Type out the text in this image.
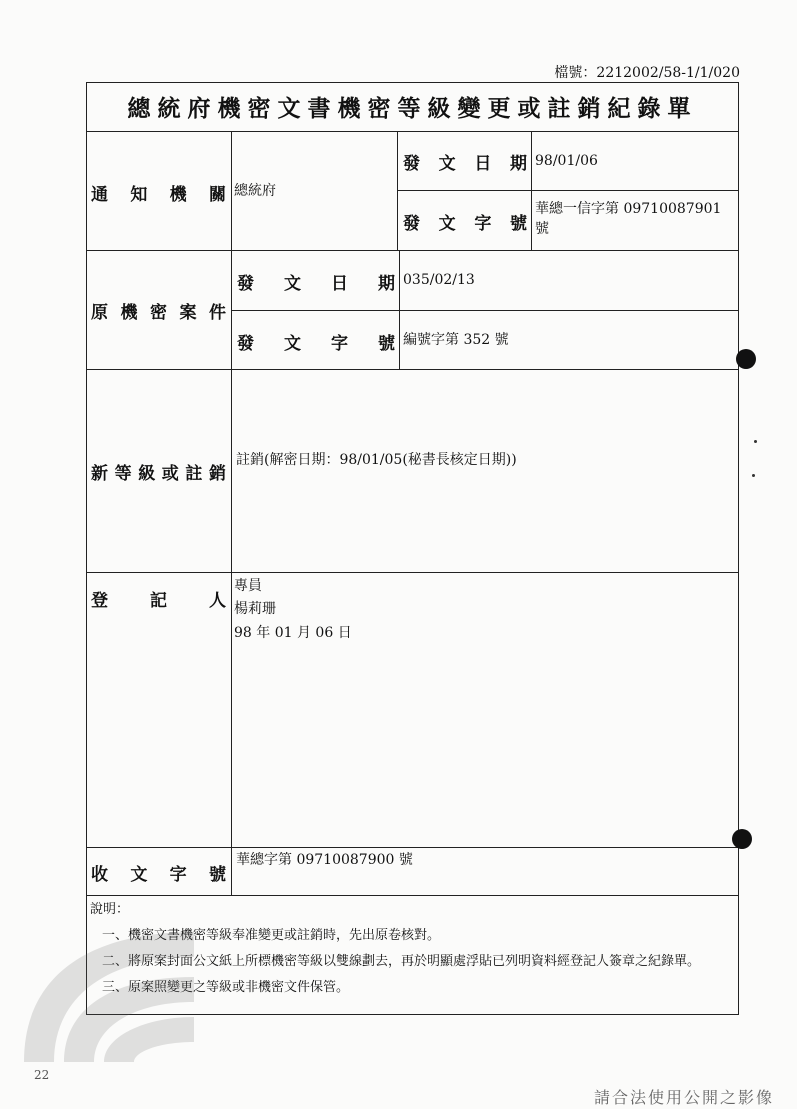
檔號：2212002/58-1/1/020
總統府機密文書機密等級變更或註銷紀錄單
通 知 機 關 總統府
發 文 日 期 98/01/06
發 文 字 號
華總一信字第 09710087901 號
原 機 密 案 件
發 文 日 期 035/02/13
發 文 字 號 編號字第 352 號
新 等 級 或 註 銷
註銷(解密日期：98/01/05(秘書長核定日期))
登 記 人
專員
楊莉珊
98 年 01 月 06 日
收 文 字 號
華總字第 09710087900 號
說明：
一、機密文書機密等級奉准變更或註銷時，先出原卷核對。
二、將原案封面公文紙上所標機密等級以雙線劃去，再於明顯處浮貼已列明資料經登記人簽章之紀錄單。
三、原案照變更之等級或非機密文件保管。
22
請合法使用公開之影像
